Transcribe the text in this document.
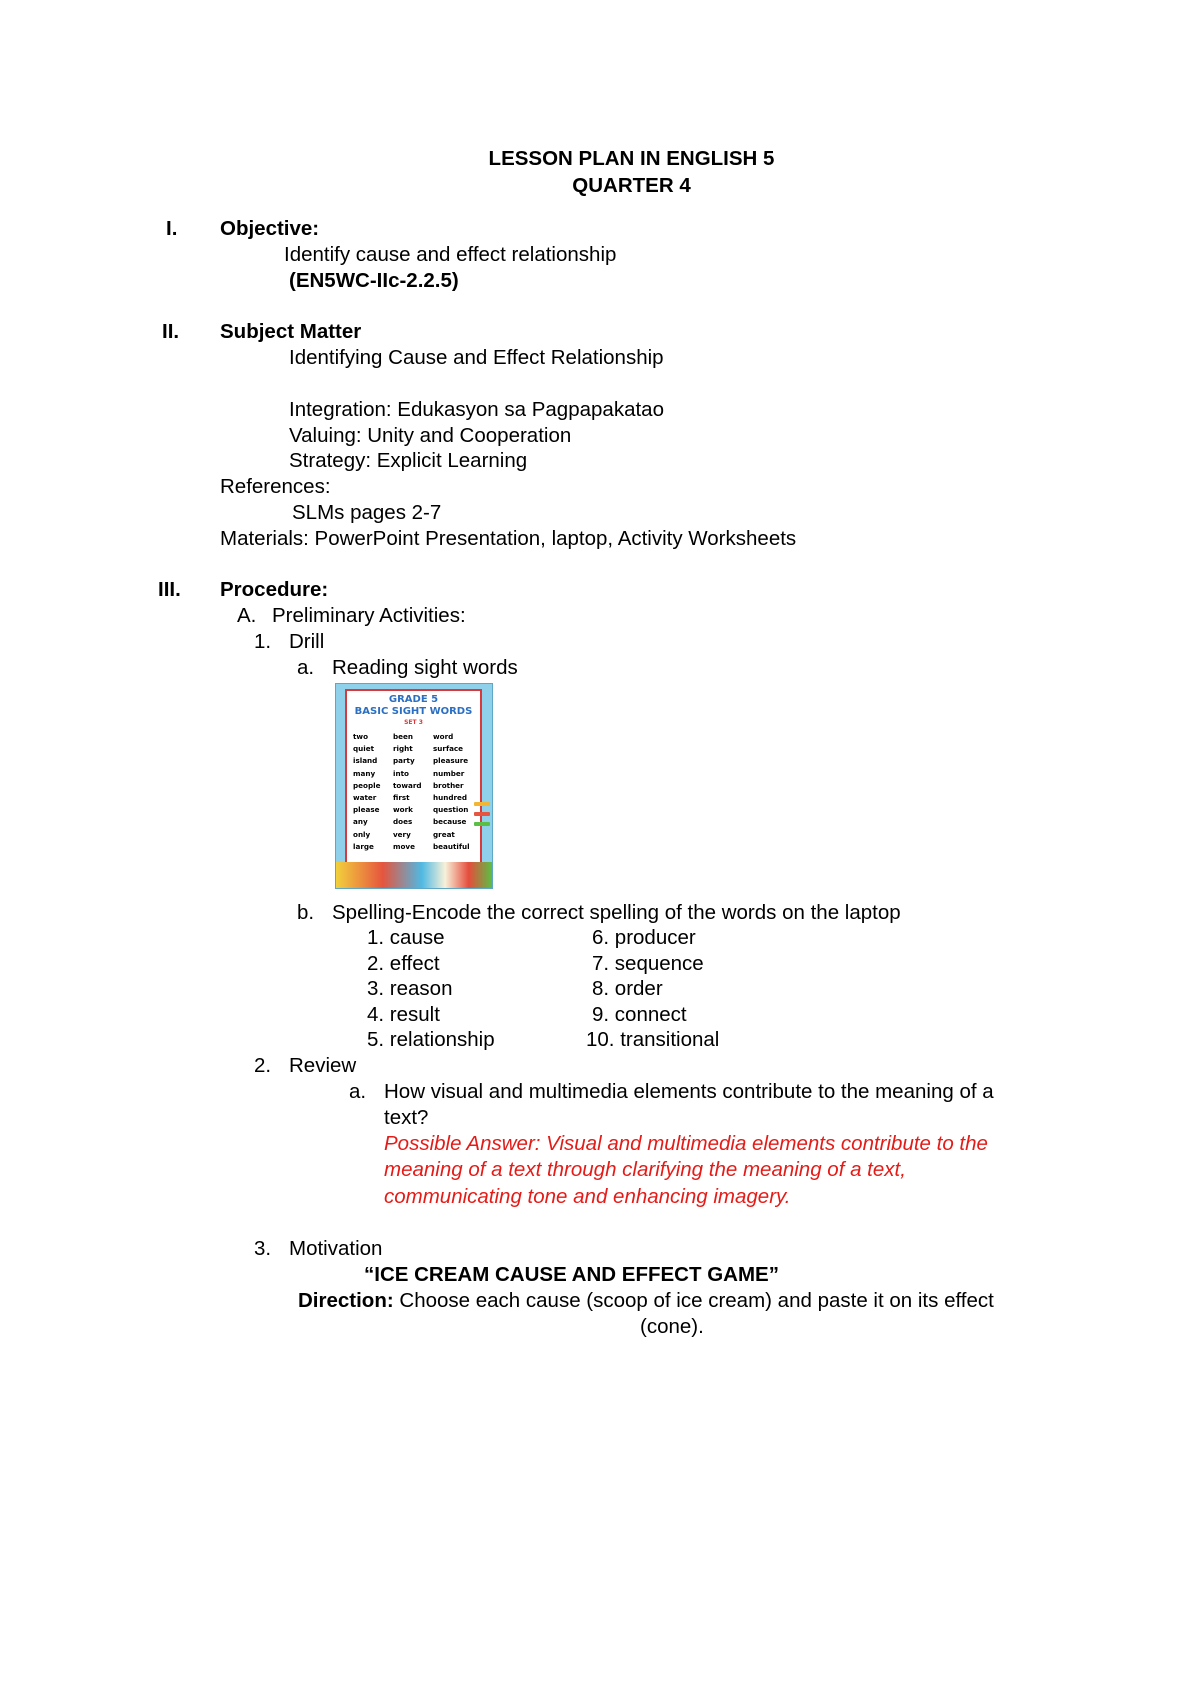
LESSON PLAN IN ENGLISH 5
QUARTER 4
I. Objective:
Identify cause and effect relationship
(EN5WC-IIc-2.2.5)
II. Subject Matter
Identifying Cause and Effect Relationship
Integration: Edukasyon sa Pagpapakatao
Valuing: Unity and Cooperation
Strategy: Explicit Learning
References:
SLMs pages 2-7
Materials: PowerPoint Presentation, laptop, Activity Worksheets
III. Procedure:
A. Preliminary Activities:
1. Drill
a. Reading sight words
GRADE 5
BASIC SIGHT WORDS
SET 3
two	been	word
quiet	right	surface
island	party	pleasure
many	into	number
people	toward	brother
water	first	hundred
please	work	question
any	does	because
only	very	great
large	move	beautiful
b. Spelling-Encode the correct spelling of the words on the laptop
1. cause
2. effect
3. reason
4. result
5. relationship
6. producer
7. sequence
8. order
9. connect
10. transitional
2. Review
a. How visual and multimedia elements contribute to the meaning of a
text?
Possible Answer: Visual and multimedia elements contribute to the
meaning of a text through clarifying the meaning of a text,
communicating tone and enhancing imagery.
3. Motivation
“ICE CREAM CAUSE AND EFFECT GAME”
Direction: Choose each cause (scoop of ice cream) and paste it on its effect
(cone).
